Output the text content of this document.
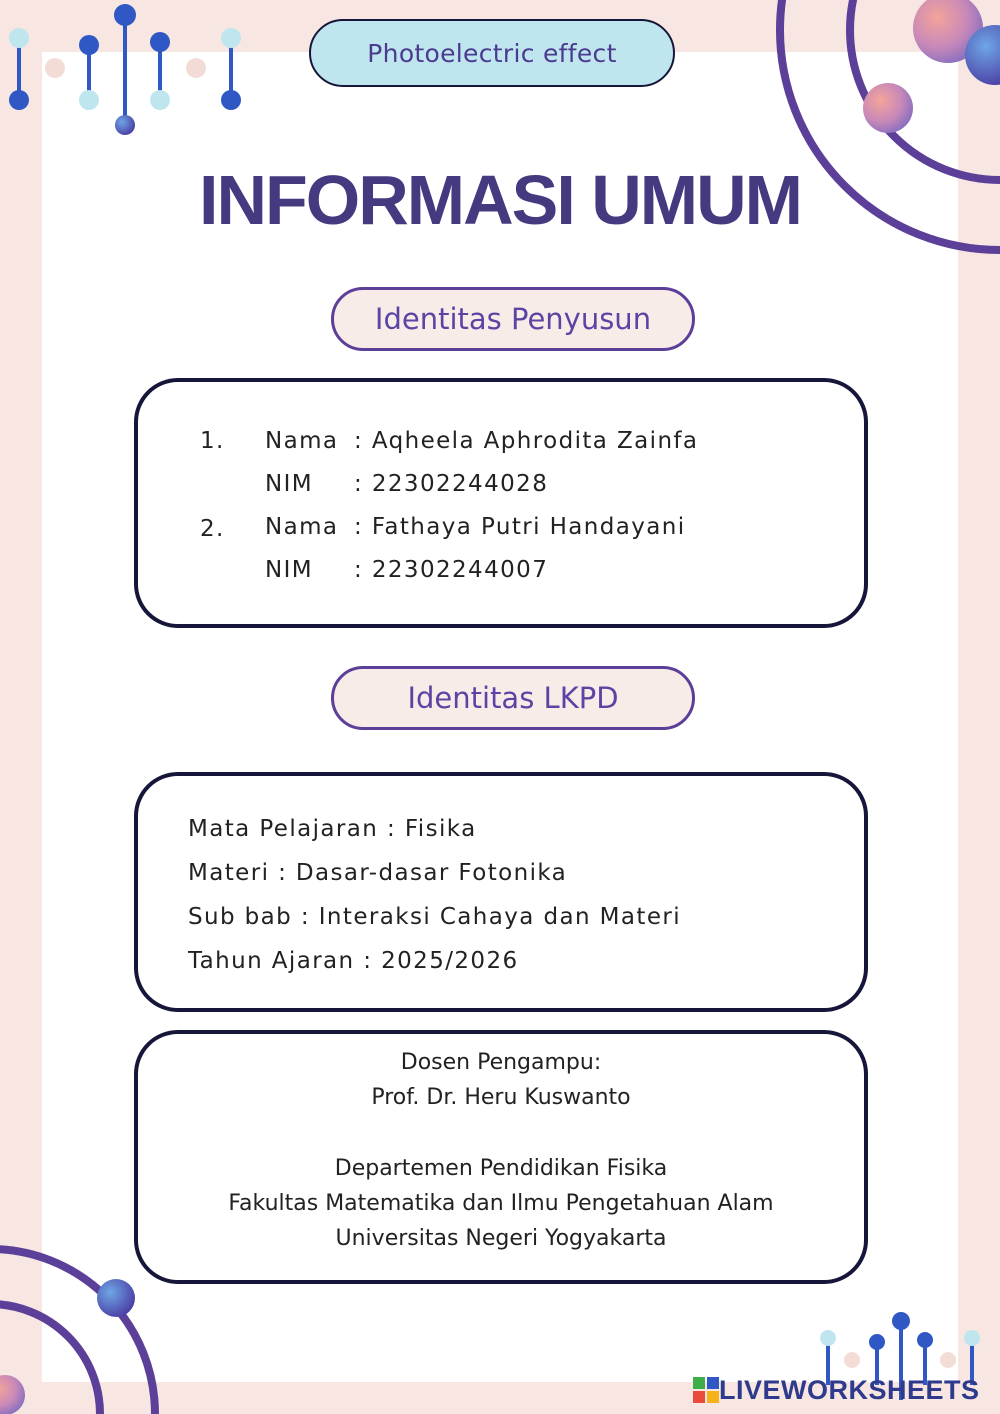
Photoelectric effect
INFORMASI UMUM
Identitas Penyusun
1. Nama : Aqheela Aphrodita Zainfa
NIM : 22302244028
2. Nama : Fathaya Putri Handayani
NIM : 22302244007
Identitas LKPD
Mata Pelajaran : Fisika
Materi : Dasar-dasar Fotonika
Sub bab : Interaksi Cahaya dan Materi
Tahun Ajaran : 2025/2026
Dosen Pengampu:
Prof. Dr. Heru Kuswanto
Departemen Pendidikan Fisika
Fakultas Matematika dan Ilmu Pengetahuan Alam
Universitas Negeri Yogyakarta
LIVEWORKSHEETS
